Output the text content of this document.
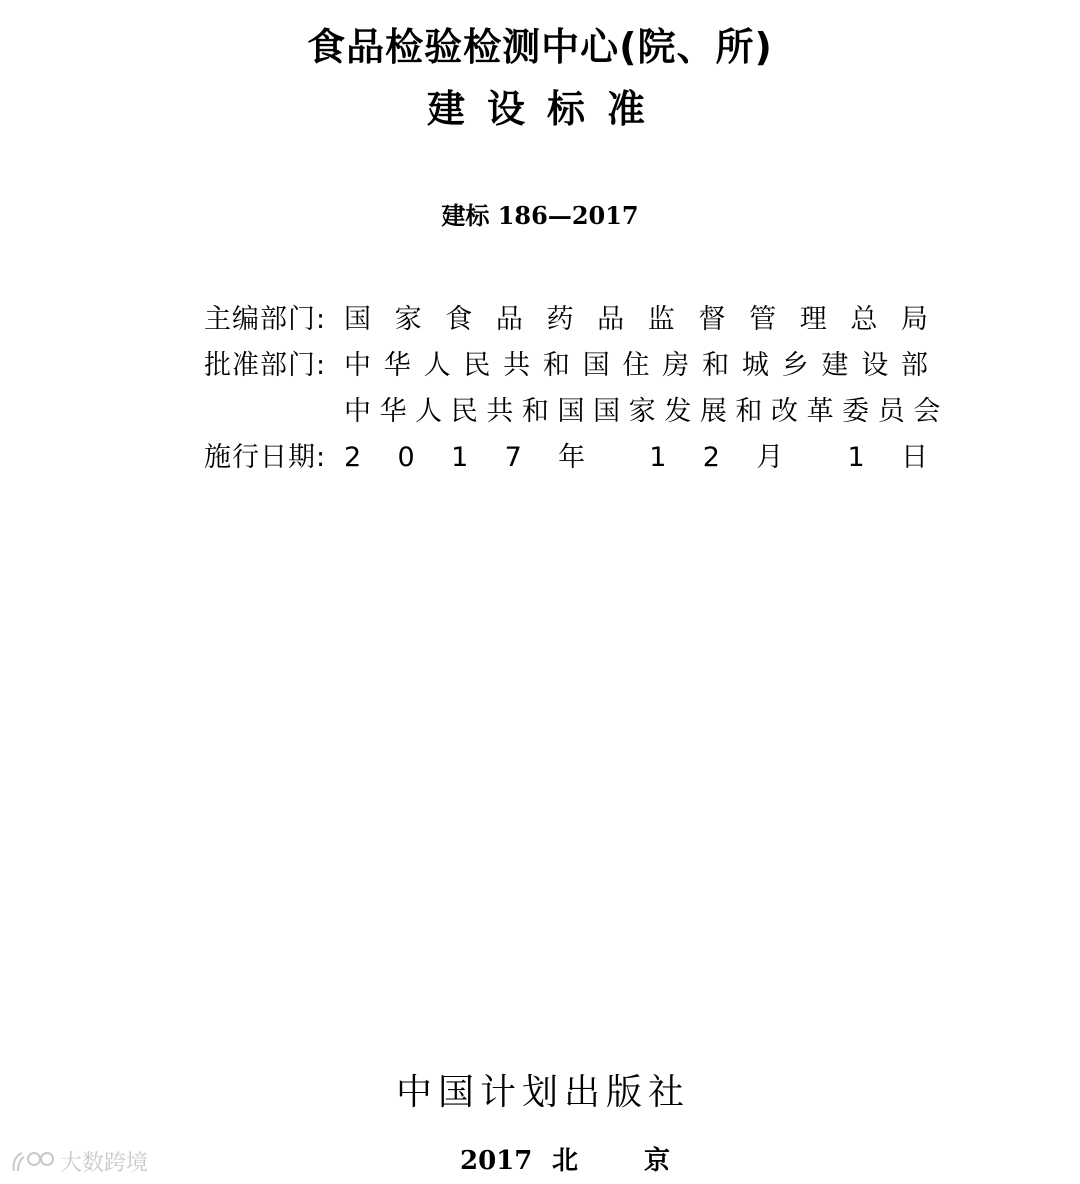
食品检验检测中心(院、所)
建设标准
建标 186—2017
主编部门: 国 家 食 品 药 品 监 督 管 理 总 局
批准部门: 中 华 人 民 共 和 国 住 房 和 城 乡 建 设 部
中 华 人 民 共 和 国 国 家 发 展 和 改 革 委 员 会
施行日期: 2 0 1 7 年 1 2 月 1 日
中国计划出版社
2017 北京
大数跨境
